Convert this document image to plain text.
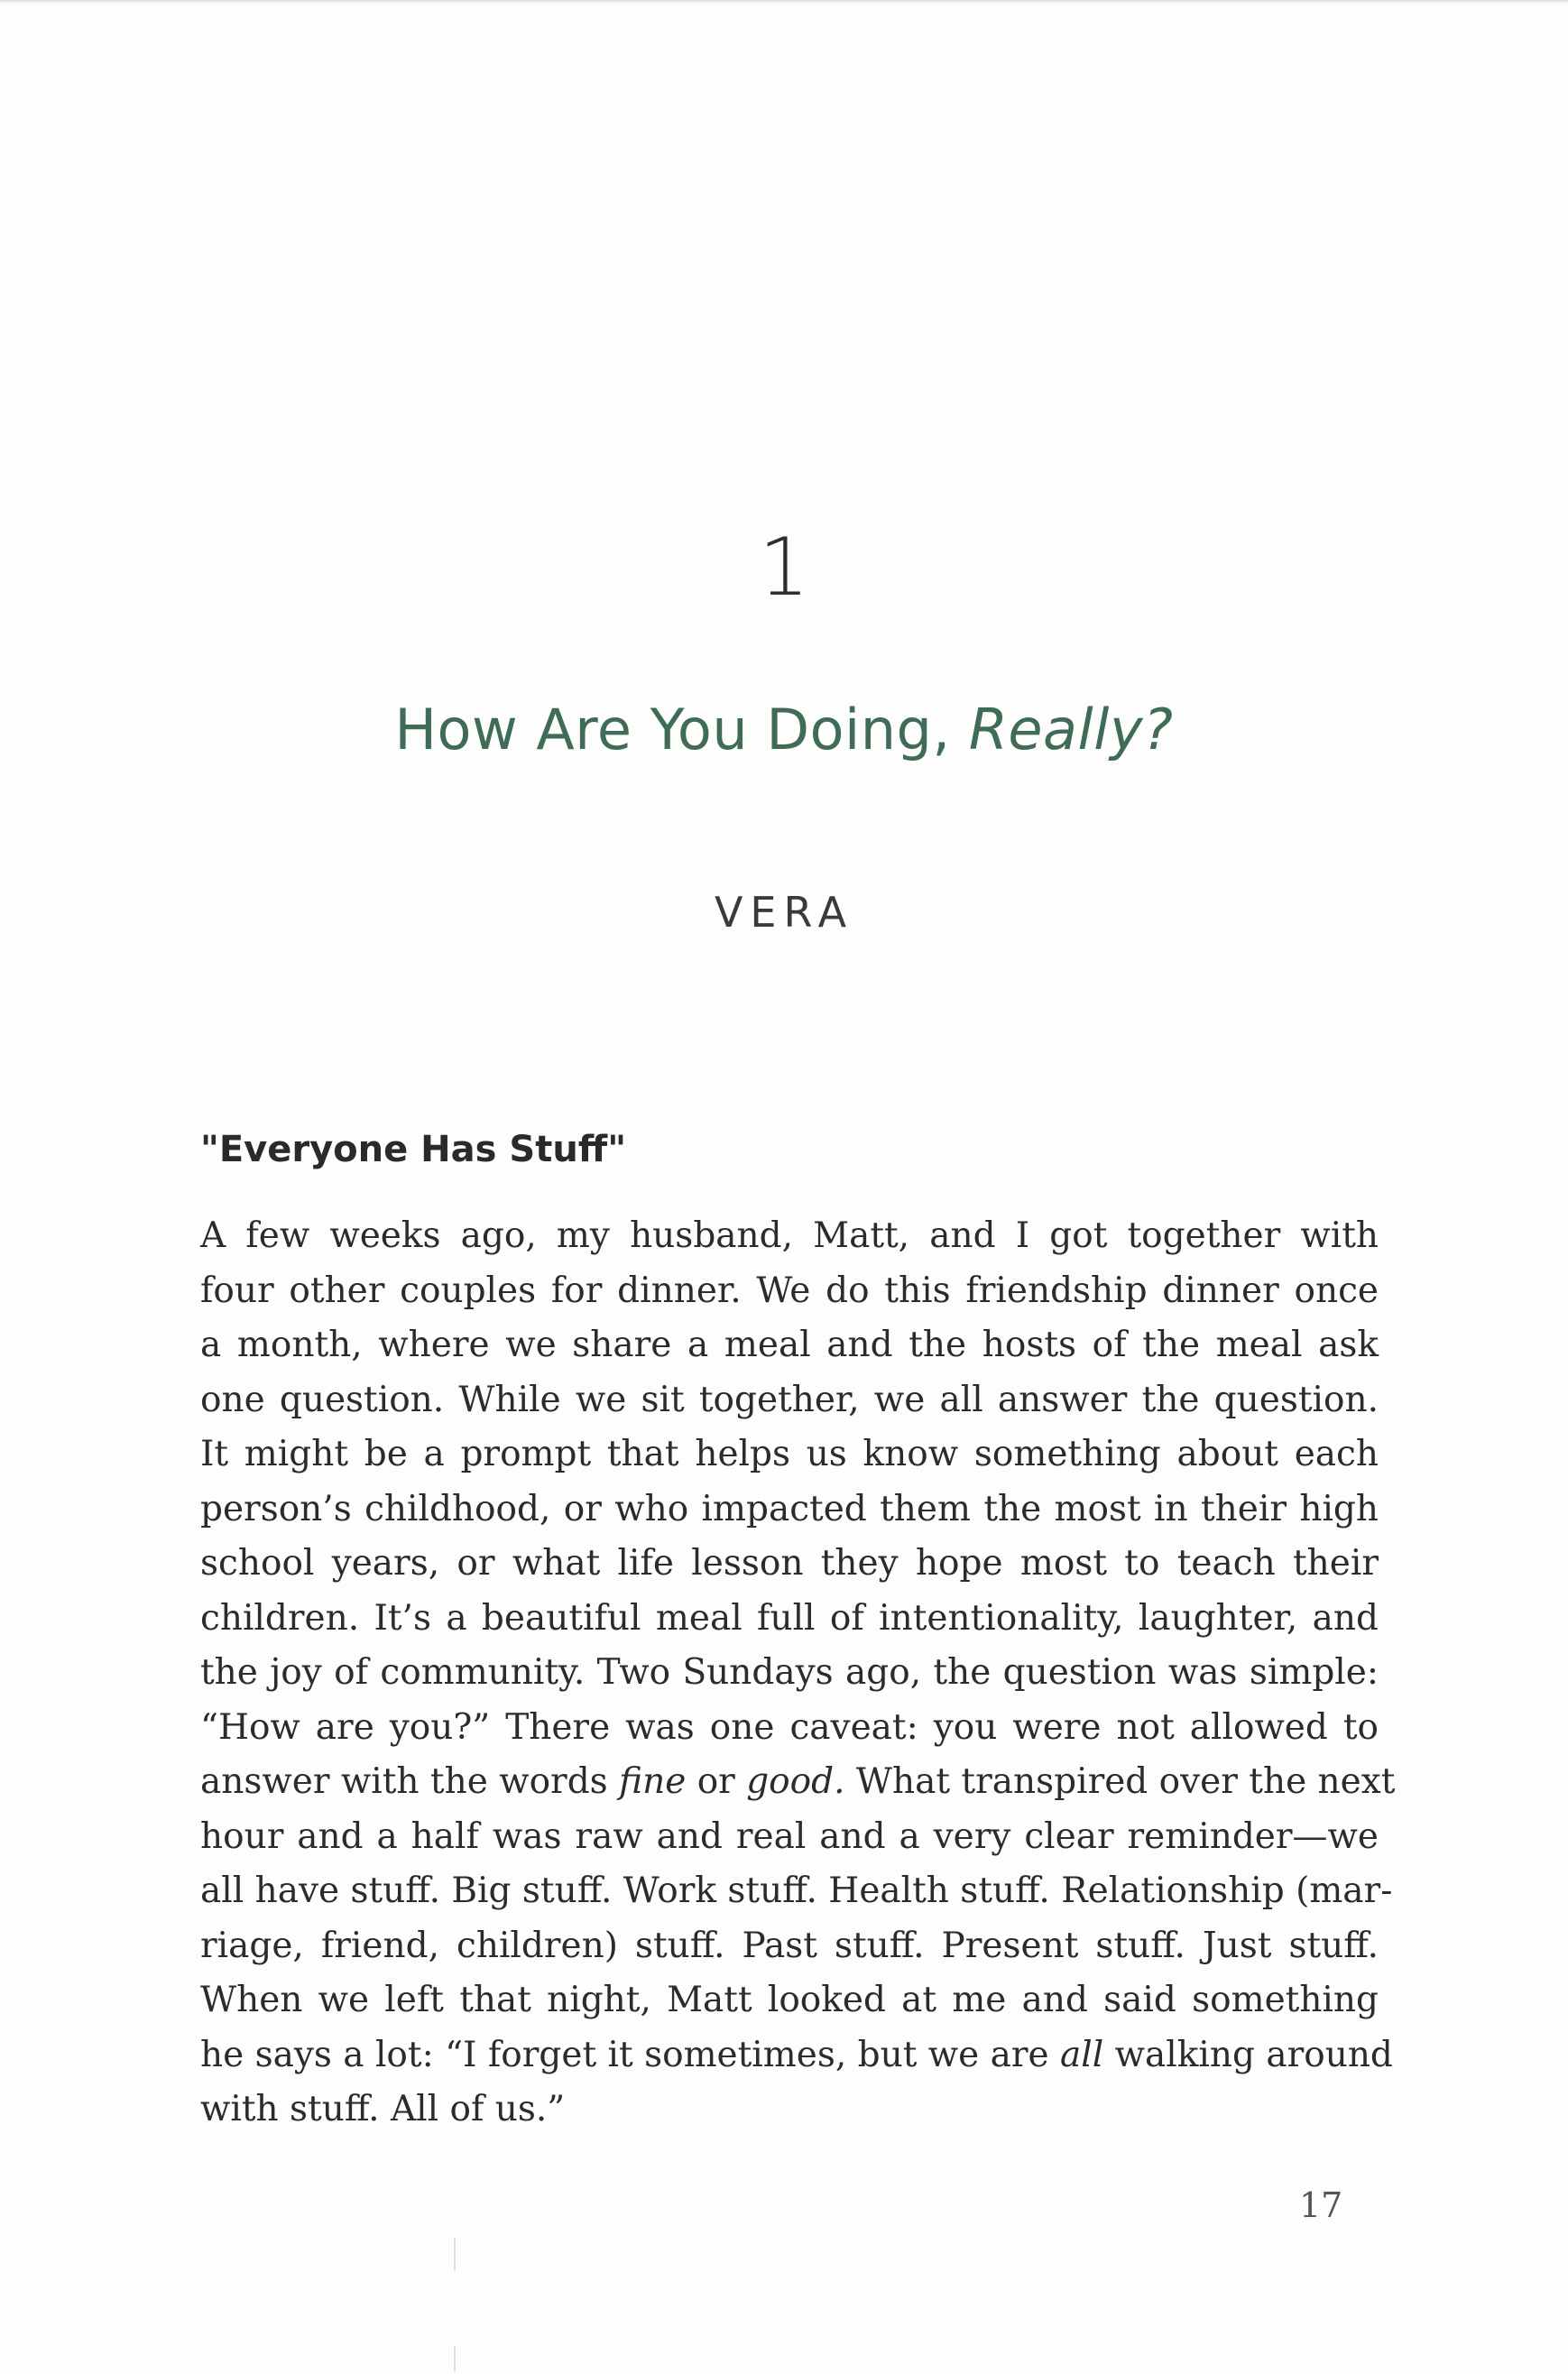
1
How Are You Doing, Really?
VERA
"Everyone Has Stuff"
A few weeks ago, my husband, Matt, and I got together with
four other couples for dinner. We do this friendship dinner once
a month, where we share a meal and the hosts of the meal ask
one question. While we sit together, we all answer the question.
It might be a prompt that helps us know something about each
person’s childhood, or who impacted them the most in their high
school years, or what life lesson they hope most to teach their
children. It’s a beautiful meal full of intentionality, laughter, and
the joy of community. Two Sundays ago, the question was simple:
“How are you?” There was one caveat: you were not allowed to
answer with the words fine or good. What transpired over the next
hour and a half was raw and real and a very clear reminder—we
all have stuff. Big stuff. Work stuff. Health stuff. Relationship (mar-
riage, friend, children) stuff. Past stuff. Present stuff. Just stuff.
When we left that night, Matt looked at me and said something
he says a lot: “I forget it sometimes, but we are all walking around
with stuff. All of us.”
17
